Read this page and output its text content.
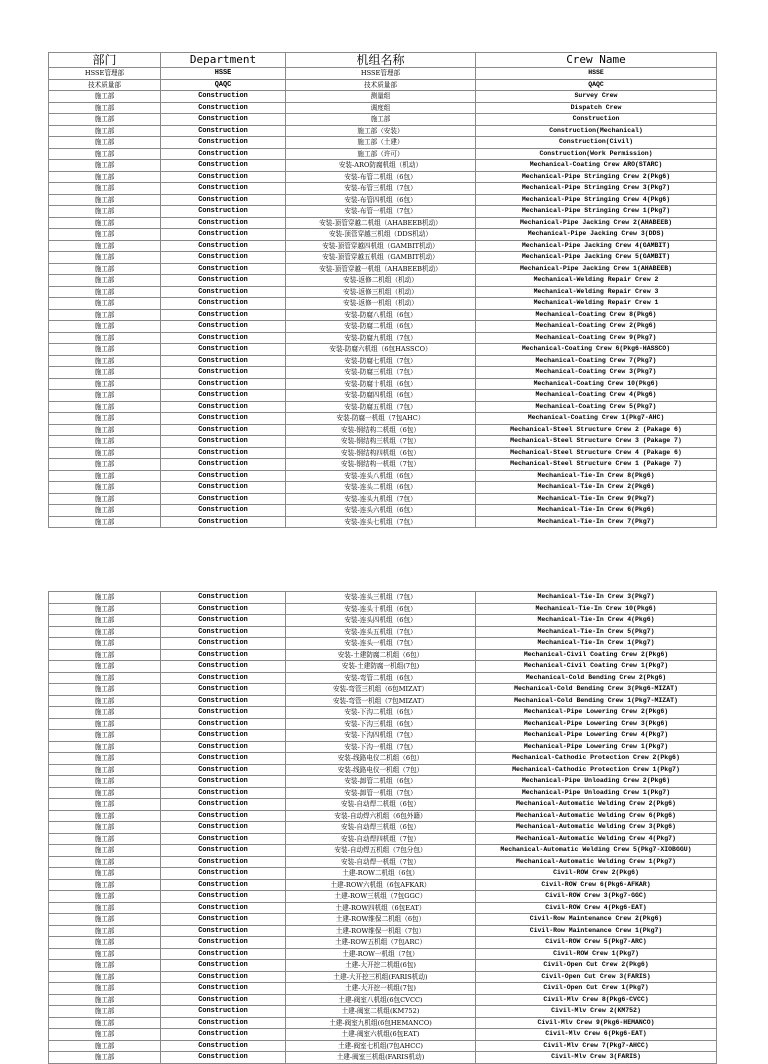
部门	Department	机组名称	Crew Name
HSSE管理部	HSSE	HSSE管理部	HSSE
技术质量部	QAQC	技术质量部	QAQC
施工部	Construction	测量组	Survey Crew
施工部	Construction	调度组	Dispatch Crew
施工部	Construction	施工部	Construction
施工部	Construction	施工部（安装）	Construction(Mechanical)
施工部	Construction	施工部（土建）	Construction(Civil)
施工部	Construction	施工部（许可）	Construction(Work Permission)
施工部	Construction	安装-ARO防腐机组（机动）	Mechanical-Coating Crew ARO(STARC)
施工部	Construction	安装-布管二机组（6包）	Mechanical-Pipe Stringing Crew 2(Pkg6)
施工部	Construction	安装-布管三机组（7包）	Mechanical-Pipe Stringing Crew 3(Pkg7)
施工部	Construction	安装-布管四机组（6包）	Mechanical-Pipe Stringing Crew 4(Pkg6)
施工部	Construction	安装-布管一机组（7包）	Mechanical-Pipe Stringing Crew 1(Pkg7)
施工部	Construction	安装-顶管穿越二机组（AHABEEB机动）	Mechanical-Pipe Jacking Crew 2(AHABEEB)
施工部	Construction	安装-顶管穿越三机组（DDS机动）	Mechanical-Pipe Jacking Crew 3(DDS)
施工部	Construction	安装-顶管穿越四机组（GAMBIT机动）	Mechanical-Pipe Jacking Crew 4(GAMBIT)
施工部	Construction	安装-顶管穿越五机组（GAMBIT机动）	Mechanical-Pipe Jacking Crew 5(GAMBIT)
施工部	Construction	安装-顶管穿越一机组（AHABEEB机动）	Mechanical-Pipe Jacking Crew 1(AHABEEB)
施工部	Construction	安装-返修二机组（机动）	Mechanical-Welding Repair Crew 2
施工部	Construction	安装-返修三机组（机动）	Mechanical-Welding Repair Crew 3
施工部	Construction	安装-返修一机组（机动）	Mechanical-Welding Repair Crew 1
施工部	Construction	安装-防腐八机组（6包）	Mechanical-Coating Crew 8(Pkg6)
施工部	Construction	安装-防腐二机组（6包）	Mechanical-Coating Crew 2(Pkg6)
施工部	Construction	安装-防腐九机组（7包）	Mechanical-Coating Crew 9(Pkg7)
施工部	Construction	安装-防腐六机组（6包HASSCO）	Mechanical-Coating Crew 6(Pkg6-HASSCO)
施工部	Construction	安装-防腐七机组（7包）	Mechanical-Coating Crew 7(Pkg7)
施工部	Construction	安装-防腐三机组（7包）	Mechanical-Coating Crew 3(Pkg7)
施工部	Construction	安装-防腐十机组（6包）	Mechanical-Coating Crew 10(Pkg6)
施工部	Construction	安装-防腐四机组（6包）	Mechanical-Coating Crew 4(Pkg6)
施工部	Construction	安装-防腐五机组（7包）	Mechanical-Coating Crew 5(Pkg7)
施工部	Construction	安装-防腐一机组（7包AHC）	Mechanical-Coating Crew 1(Pkg7-AHC)
施工部	Construction	安装-钢结构二机组（6包）	Mechanical-Steel Structure Crew 2 (Pakage 6)
施工部	Construction	安装-钢结构三机组（7包）	Mechanical-Steel Structure Crew 3 (Pakage 7)
施工部	Construction	安装-钢结构四机组（6包）	Mechanical-Steel Structure Crew 4 (Pakage 6)
施工部	Construction	安装-钢结构一机组（7包）	Mechanical-Steel Structure Crew 1 (Pakage 7)
施工部	Construction	安装-连头八机组（6包）	Mechanical-Tie-In Crew 8(Pkg6)
施工部	Construction	安装-连头二机组（6包）	Mechanical-Tie-In Crew 2(Pkg6)
施工部	Construction	安装-连头九机组（7包）	Mechanical-Tie-In Crew 9(Pkg7)
施工部	Construction	安装-连头六机组（6包）	Mechanical-Tie-In Crew 6(Pkg6)
施工部	Construction	安装-连头七机组（7包）	Mechanical-Tie-In Crew 7(Pkg7)
施工部	Construction	安装-连头三机组（7包）	Mechanical-Tie-In Crew 3(Pkg7)
施工部	Construction	安装-连头十机组（6包）	Mechanical-Tie-In Crew 10(Pkg6)
施工部	Construction	安装-连头四机组（6包）	Mechanical-Tie-In Crew 4(Pkg6)
施工部	Construction	安装-连头五机组（7包）	Mechanical-Tie-In Crew 5(Pkg7)
施工部	Construction	安装-连头一机组（7包）	Mechanical-Tie-In Crew 1(Pkg7)
施工部	Construction	安装-土建防腐二机组（6包）	Mechanical-Civil Coating Crew 2(Pkg6)
施工部	Construction	安装-土建防腐一机组(7包)	Mechanical-Civil Coating Crew 1(Pkg7)
施工部	Construction	安装-弯管二机组（6包）	Mechanical-Cold Bending Crew 2(Pkg6)
施工部	Construction	安装-弯管三机组（6包MIZAT）	Mechanical-Cold Bending Crew 3(Pkg6-MIZAT)
施工部	Construction	安装-弯管一机组（7包MIZAT）	Mechanical-Cold Bending Crew 1(Pkg7-MIZAT)
施工部	Construction	安装-下沟二机组（6包）	Mechanical-Pipe Lowering Crew 2(Pkg6)
施工部	Construction	安装-下沟三机组（6包）	Mechanical-Pipe Lowering Crew 3(Pkg6)
施工部	Construction	安装-下沟四机组（7包）	Mechanical-Pipe Lowering Crew 4(Pkg7)
施工部	Construction	安装-下沟一机组（7包）	Mechanical-Pipe Lowering Crew 1(Pkg7)
施工部	Construction	安装-线路电仪二机组（6包）	Mechanical-Cathodic Protection Crew 2(Pkg6)
施工部	Construction	安装-线路电仪一机组（7包）	Mechanical-Cathodic Protection Crew 1(Pkg7)
施工部	Construction	安装-卸管二机组（6包）	Mechanical-Pipe Unloading Crew 2(Pkg6)
施工部	Construction	安装-卸管一机组（7包）	Mechanical-Pipe Unloading Crew 1(Pkg7)
施工部	Construction	安装-自动焊二机组（6包）	Mechanical-Automatic Welding Crew 2(Pkg6)
施工部	Construction	安装-自动焊六机组（6包外籍）	Mechanical-Automatic Welding Crew 6(Pkg6)
施工部	Construction	安装-自动焊三机组（6包）	Mechanical-Automatic Welding Crew 3(Pkg6)
施工部	Construction	安装-自动焊四机组（7包）	Mechanical-Automatic Welding Crew 4(Pkg7)
施工部	Construction	安装-自动焊五机组（7包分包）	Mechanical-Automatic Welding Crew 5(Pkg7-XIOBGGU)
施工部	Construction	安装-自动焊一机组（7包）	Mechanical-Automatic Welding Crew 1(Pkg7)
施工部	Construction	土建-ROW二机组（6包）	Civil-ROW Crew 2(Pkg6)
施工部	Construction	土建-ROW六机组（6包AFKAR）	Civil-ROW Crew 6(Pkg6-AFKAR)
施工部	Construction	土建-ROW三机组（7包GGC）	Civil-ROW Crew 3(Pkg7-GGC)
施工部	Construction	土建-ROW四机组（6包EAT）	Civil-ROW Crew 4(Pkg6-EAT)
施工部	Construction	土建-ROW维保二机组（6包）	Civil-Row Maintenance Crew 2(Pkg6)
施工部	Construction	土建-ROW维保一机组（7包）	Civil-Row Maintenance Crew 1(Pkg7)
施工部	Construction	土建-ROW五机组（7包ARC）	Civil-ROW Crew 5(Pkg7-ARC)
施工部	Construction	土建-ROW一机组（7包）	Civil-ROW Crew 1(Pkg7)
施工部	Construction	土建-大开挖二机组(6包)	Civil-Open Cut Crew 2(Pkg6)
施工部	Construction	土建-大开挖三机组(FARIS机动)	Civil-Open Cut Crew 3(FARIS)
施工部	Construction	土建-大开挖一机组(7包)	Civil-Open Cut Crew 1(Pkg7)
施工部	Construction	土建-阀室八机组(6包CVCC)	Civil-Mlv Crew 8(Pkg6-CVCC)
施工部	Construction	土建-阀室二机组(KM752)	Civil-Mlv Crew 2(KM752)
施工部	Construction	土建-阀室九机组(6包HEMANCO)	Civil-Mlv Crew 9(Pkg6-HEMANCO)
施工部	Construction	土建-阀室六机组(6包EAT)	Civil-Mlv Crew 6(Pkg6-EAT)
施工部	Construction	土建-阀室七机组(7包AHCC)	Civil-Mlv Crew 7(Pkg7-AHCC)
施工部	Construction	土建-阀室三机组(FARIS机动)	Civil-Mlv Crew 3(FARIS)
